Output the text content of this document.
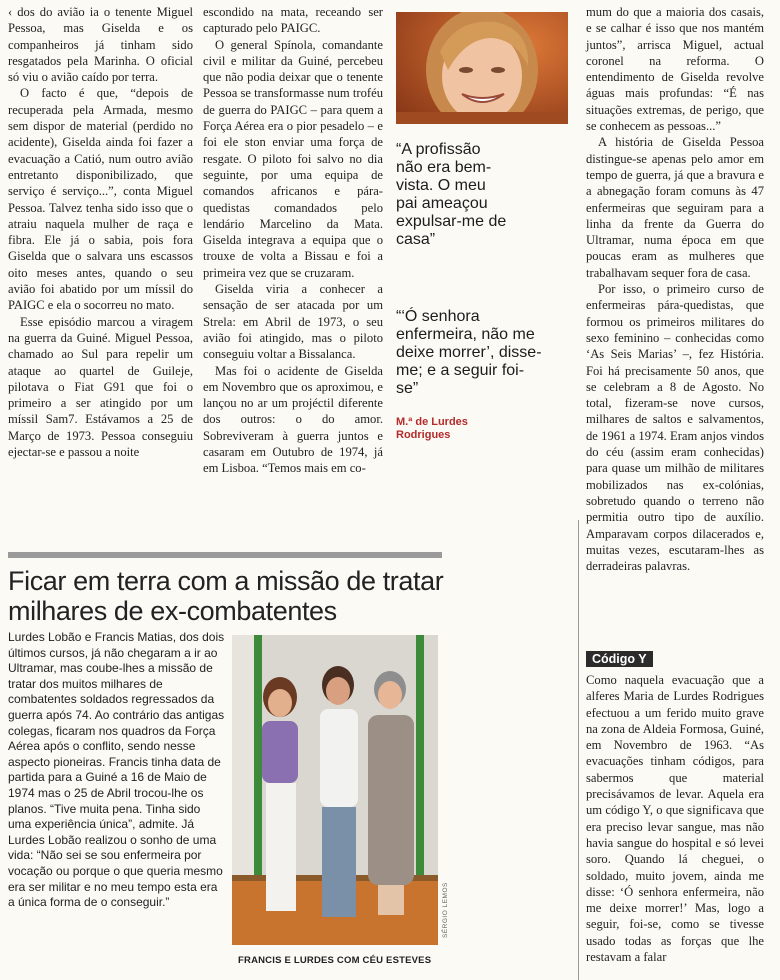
‹ dos do avião ia o tenente Miguel Pessoa, mas Giselda e os companheiros já tinham sido resgatados pela Marinha. O oficial só viu o avião caído por terra.

O facto é que, “depois de recuperada pela Armada, mesmo sem dispor de material (perdido no acidente), Giselda ainda foi fazer a evacuação a Catió, num outro avião entretanto disponibilizado, que serviço é serviço...”, conta Miguel Pessoa. Talvez tenha sido isso que o atraiu naquela mulher de raça e fibra. Ele já o sabia, pois fora Giselda que o salvara uns escassos oito meses antes, quando o seu avião foi abatido por um míssil do PAIGC e ela o socorreu no mato.

Esse episódio marcou a viragem na guerra da Guiné. Miguel Pessoa, chamado ao Sul para repelir um ataque ao quartel de Guileje, pilotava o Fiat G91 que foi o primeiro a ser atingido por um míssil Sam7. Estávamos a 25 de Março de 1973. Pessoa conseguiu ejectar-se e passou a noite

escondido na mata, receando ser capturado pelo PAIGC.

O general Spínola, comandante civil e militar da Guiné, percebeu que não podia deixar que o tenente Pessoa se transformasse num troféu de guerra do PAIGC – para quem a Força Aérea era o pior pesadelo – e foi ele ston enviar uma força de resgate. O piloto foi salvo no dia seguinte, por uma equipa de comandos africanos e pára-quedistas comandados pelo lendário Marcelino da Mata. Giselda integrava a equipa que o trouxe de volta a Bissau e foi a primeira vez que se cruzaram.

Giselda viria a conhecer a sensação de ser atacada por um Strela: em Abril de 1973, o seu avião foi atingido, mas o piloto conseguiu voltar a Bissalanca.

Mas foi o acidente de Giselda em Novembro que os aproximou, e lançou no ar um projéctil diferente dos outros: o do amor. Sobreviveram à guerra juntos e casaram em Outubro de 1974, já em Lisboa. “Temos mais em co-

“A profissão não era bem-vista. O meu pai ameaçou expulsar-me de casa”
“‘Ó senhora enfermeira, não me deixe morrer’, disse-me; e a seguir foi-se”
M.ª de Lurdes Rodrigues

mum do que a maioria dos casais, e se calhar é isso que nos mantém juntos”, arrisca Miguel, actual coronel na reforma. O entendimento de Giselda revolve águas mais profundas: “É nas situações extremas, de perigo, que se conhecem as pessoas...”

A história de Giselda Pessoa distingue-se apenas pelo amor em tempo de guerra, já que a bravura e a abnegação foram comuns às 47 enfermeiras que seguiram para a linha da frente da Guerra do Ultramar, numa época em que poucas eram as mulheres que trabalhavam sequer fora de casa.

Por isso, o primeiro curso de enfermeiras pára-quedistas, que formou os primeiros militares do sexo feminino – conhecidas como ‘As Seis Marias’ –, fez História. Foi há precisamente 50 anos, que se celebram a 8 de Agosto. No total, fizeram-se nove cursos, milhares de saltos e salvamentos, de 1961 a 1974. Eram anjos vindos do céu (assim eram conhecidas) para quase um milhão de militares mobilizados nas ex-colónias, sobretudo quando o terreno não permitia outro tipo de auxílio. Amparavam corpos dilacerados e, muitas vezes, escutaram-lhes as derradeiras palavras.

Código Y

Como naquela evacuação que a alferes Maria de Lurdes Rodrigues efectuou a um ferido muito grave na zona de Aldeia Formosa, Guiné, em Novembro de 1963. “As evacuações tinham códigos, para sabermos que material precisávamos de levar. Aquela era um código Y, o que significava que era preciso levar sangue, mas não havia sangue do hospital e só levei soro. Quando lá cheguei, o soldado, muito jovem, ainda me disse: ‘Ó senhora enfermeira, não me deixe morrer!’ Mas, logo a seguir, foi-se, como se tivesse usado todas as forças que lhe restavam a falar

Ficar em terra com a missão de tratar milhares de ex-combatentes

Lurdes Lobão e Francis Matias, dos dois últimos cursos, já não chegaram a ir ao Ultramar, mas coube-lhes a missão de tratar dos muitos milhares de combatentes soldados regressados da guerra após 74. Ao contrário das antigas colegas, ficaram nos quadros da Força Aérea após o conflito, sendo nesse aspecto pioneiras. Francis tinha data de partida para a Guiné a 16 de Maio de 1974 mas o 25 de Abril trocou-lhe os planos. “Tive muita pena. Tinha sido uma experiência única”, admite. Já Lurdes Lobão realizou o sonho de uma vida: “Não sei se sou enfermeira por vocação ou porque o que queria mesmo era ser militar e no meu tempo esta era a única forma de o conseguir.”	SÉRGIO LEMOS
FRANCIS E LURDES COM CÉU ESTEVES
